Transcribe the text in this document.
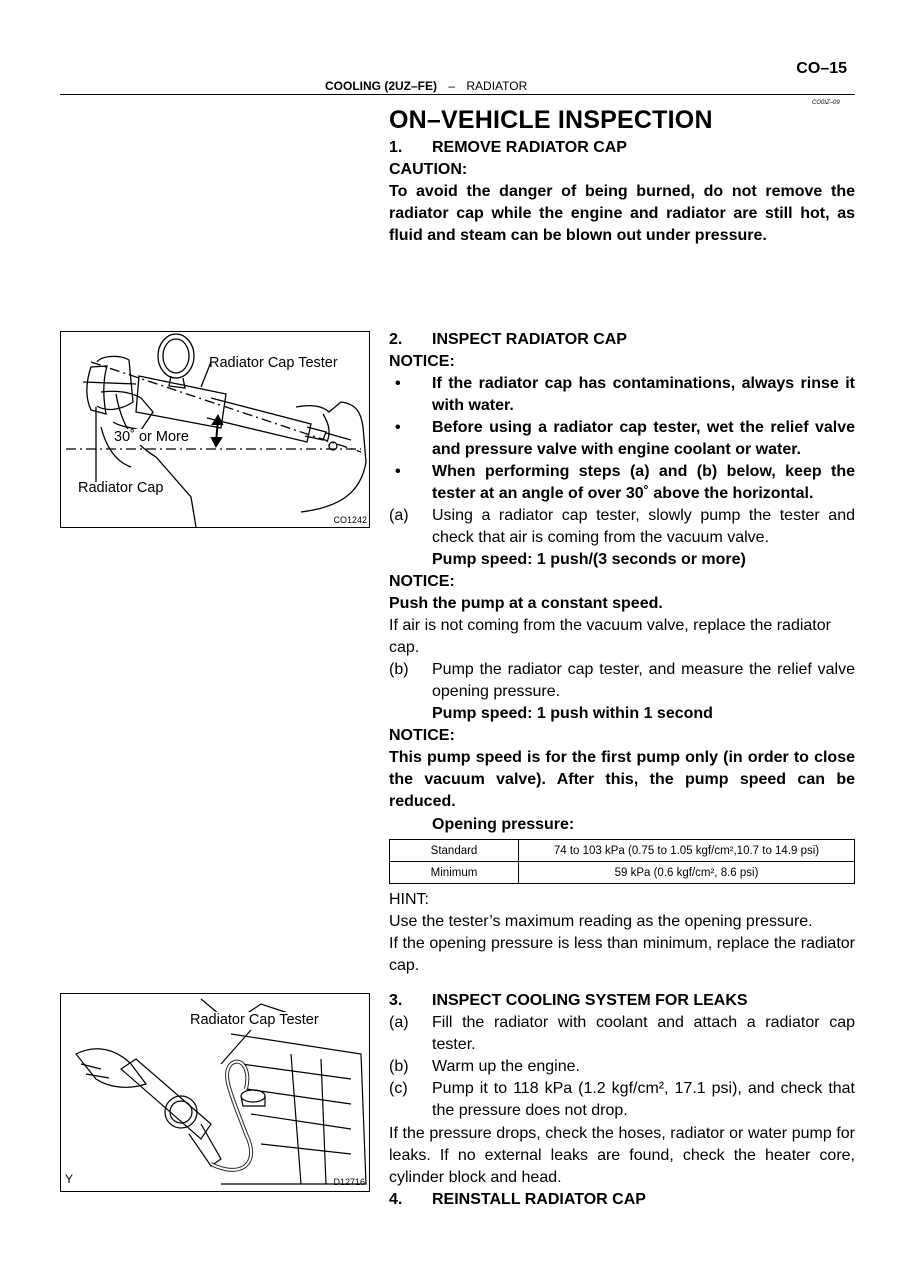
CO–15
COOLING (2UZ–FE) – RADIATOR
CO0IZ–09
ON–VEHICLE INSPECTION
1. REMOVE RADIATOR CAP
CAUTION:
To avoid the danger of being burned, do not remove the radiator cap while the engine and radiator are still hot, as fluid and steam can be blown out under pressure.
Radiator Cap Tester
30˚ or More
Radiator Cap
CO1242
2. INSPECT RADIATOR CAP
NOTICE:
•	If the radiator cap has contaminations, always rinse it with water.
•	Before using a radiator cap tester, wet the relief valve and pressure valve with engine coolant or water.
•	When performing steps (a) and (b) below, keep the tester at an angle of over 30˚ above the horizontal.
(a)	Using a radiator cap tester, slowly pump the tester and check that air is coming from the vacuum valve.
Pump speed: 1 push/(3 seconds or more)
NOTICE:
Push the pump at a constant speed.
If air is not coming from the vacuum valve, replace the radiator cap.
(b)	Pump the radiator cap tester, and measure the relief valve opening pressure.
Pump speed: 1 push within 1 second
NOTICE:
This pump speed is for the first pump only (in order to close the vacuum valve). After this, the pump speed can be reduced.
Opening pressure:
Standard	74 to 103 kPa (0.75 to 1.05 kgf/cm²,10.7 to 14.9 psi)
Minimum	59 kPa (0.6 kgf/cm², 8.6 psi)
HINT:
Use the tester’s maximum reading as the opening pressure.
If the opening pressure is less than minimum, replace the radiator cap.
Radiator Cap Tester
Y	D12716
3. INSPECT COOLING SYSTEM FOR LEAKS
(a)	Fill the radiator with coolant and attach a radiator cap tester.
(b)	Warm up the engine.
(c)	Pump it to 118 kPa (1.2 kgf/cm², 17.1 psi), and check that the pressure does not drop.
If the pressure drops, check the hoses, radiator or water pump for leaks. If no external leaks are found, check the heater core, cylinder block and head.
4. REINSTALL RADIATOR CAP
